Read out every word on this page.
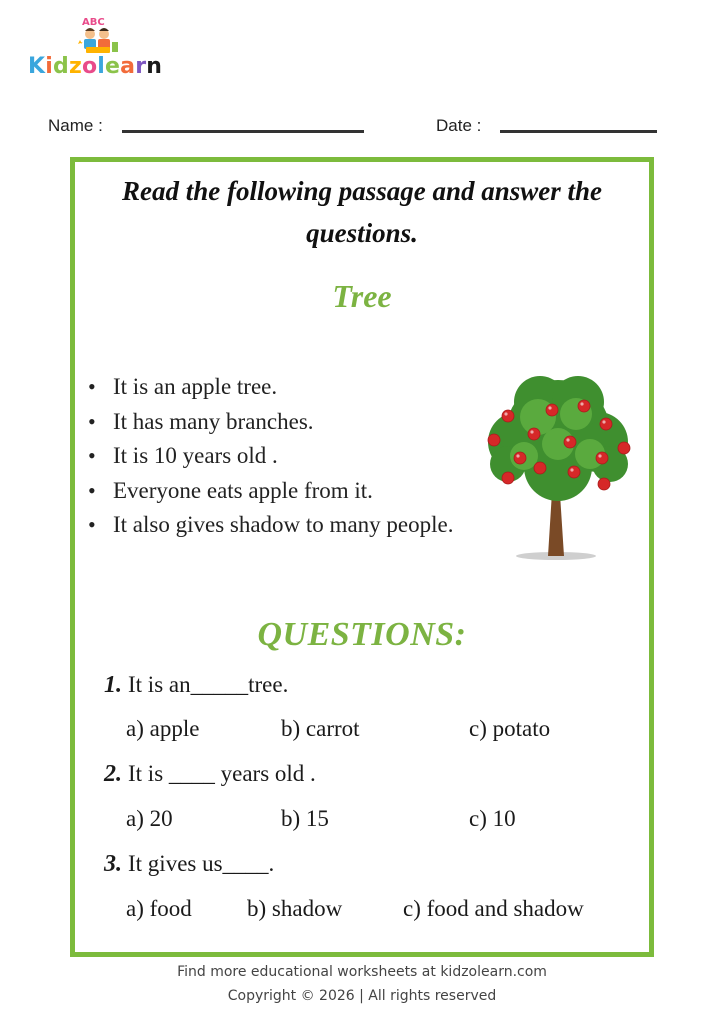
ABC
Kidzolearn
Name :	Date :
Read the following passage and answer the
questions.
Tree
• It is an apple tree.
• It has many branches.
• It is 10 years old .
• Everyone eats apple from it.
• It also gives shadow to many people.
QUESTIONS:
1. It is an_____tree.
a) apple	b) carrot	c) potato
2. It is ____ years old .
a) 20	b) 15	c) 10
3. It gives us____.
a) food b) shadow	c) food and shadow
Find more educational worksheets at kidzolearn.com
Copyright © 2026 | All rights reserved
